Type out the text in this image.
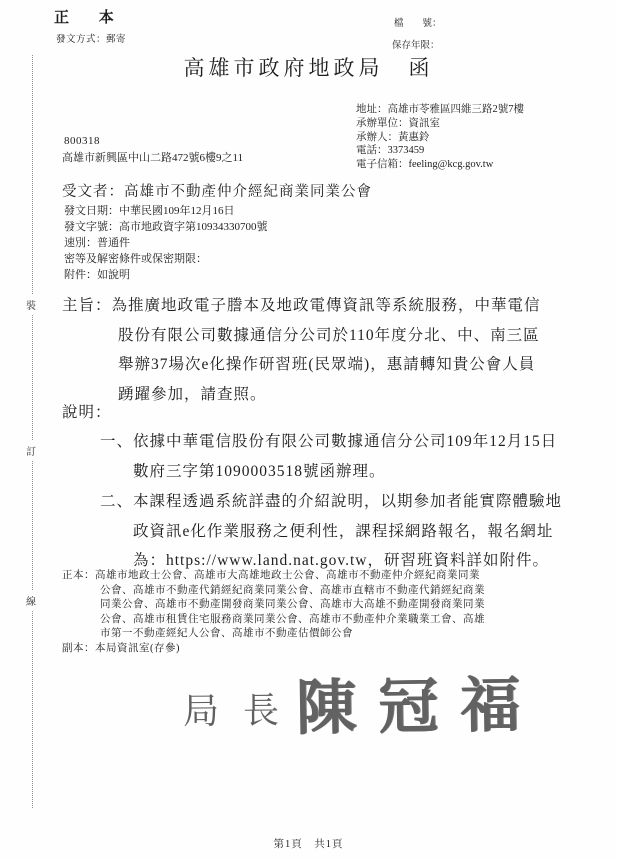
裝
訂
線
正 本
發文方式：郵寄
檔　　號：
保存年限：
高雄市政府地政局　函
地址：高雄市苓雅區四維三路2號7樓
承辦單位：資訊室
承辦人：黃惠鈴
電話：3373459
電子信箱：feeling@kcg.gov.tw
800318
高雄市新興區中山二路472號6樓9之11
受文者：高雄市不動產仲介經紀商業同業公會
發文日期：中華民國109年12月16日
發文字號：高市地政資字第10934330700號
速別：普通件
密等及解密條件或保密期限：
附件：如說明
主旨：為推廣地政電子謄本及地政電傳資訊等系統服務，中華電信
股份有限公司數據通信分公司於110年度分北、中、南三區
舉辦37場次e化操作研習班(民眾端)，惠請轉知貴公會人員
踴躍參加，請查照。
說明：
一、依據中華電信股份有限公司數據通信分公司109年12月15日
數府三字第1090003518號函辦理。
二、本課程透過系統詳盡的介紹說明，以期參加者能實際體驗地
政資訊e化作業服務之便利性，課程採網路報名，報名網址
為：https://www.land.nat.gov.tw，研習班資料詳如附件。
正本：高雄市地政士公會、高雄市大高雄地政士公會、高雄市不動產仲介經紀商業同業
公會、高雄市不動產代銷經紀商業同業公會、高雄市直轄市不動產代銷經紀商業
同業公會、高雄市不動產開發商業同業公會、高雄市大高雄不動產開發商業同業
公會、高雄市租賃住宅服務商業同業公會、高雄市不動產仲介業職業工會、高雄
市第一不動產經紀人公會、高雄市不動產估價師公會
副本：本局資訊室(存參)
局長
陳冠福
第1頁　共1頁
